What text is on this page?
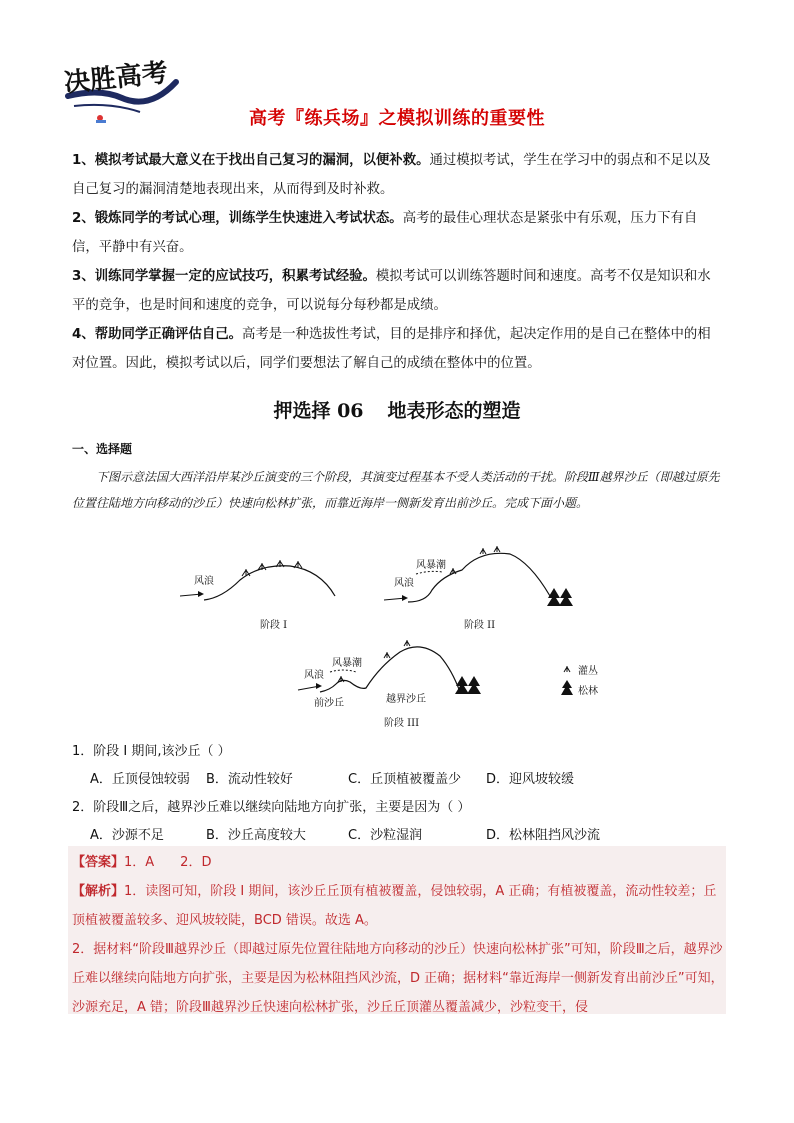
决胜高考
高考『练兵场』之模拟训练的重要性

1、模拟考试最大意义在于找出自己复习的漏洞，以便补救。通过模拟考试，学生在学习中的弱点和不足以及自己复习的漏洞清楚地表现出来，从而得到及时补救。

2、锻炼同学的考试心理，训练学生快速进入考试状态。高考的最佳心理状态是紧张中有乐观，压力下有自信，平静中有兴奋。

3、训练同学掌握一定的应试技巧，积累考试经验。模拟考试可以训练答题时间和速度。高考不仅是知识和水平的竞争，也是时间和速度的竞争，可以说每分每秒都是成绩。

4、帮助同学正确评估自己。高考是一种选拔性考试，目的是排序和择优，起决定作用的是自己在整体中的相对位置。因此，模拟考试以后，同学们要想法了解自己的成绩在整体中的位置。

押选择 06 地表形态的塑造
一、选择题
下图示意法国大西洋沿岸某沙丘演变的三个阶段，其演变过程基本不受人类活动的干扰。阶段Ⅲ越界沙丘（即越过原先位置往陆地方向移动的沙丘）快速向松林扩张，而靠近海岸一侧新发育出前沙丘。完成下面小题。
风浪
阶段 I
风暴潮
风浪
阶段 II
风暴潮
风浪
前沙丘	越界沙丘
阶段 III
灌丛
松林
1．阶段 I 期间,该沙丘（ ）
A．丘顶侵蚀较弱 B．流动性较好	C．丘顶植被覆盖少 D．迎风坡较缓
2．阶段Ⅲ之后，越界沙丘难以继续向陆地方向扩张，主要是因为（ ）
A．沙源不足	B．沙丘高度较大	C．沙粒湿润	D．松林阻挡风沙流

【答案】1．A　　2．D

【解析】1．读图可知，阶段 I 期间，该沙丘丘顶有植被覆盖，侵蚀较弱，A 正确；有植被覆盖，流动性较差；丘顶植被覆盖较多、迎风坡较陡，BCD 错误。故选 A。

2．据材料“阶段Ⅲ越界沙丘（即越过原先位置往陆地方向移动的沙丘）快速向松林扩张”可知，阶段Ⅲ之后，越界沙丘难以继续向陆地方向扩张，主要是因为松林阻挡风沙流，D 正确；据材料“靠近海岸一侧新发育出前沙丘”可知，沙源充足，A 错；阶段Ⅲ越界沙丘快速向松林扩张，沙丘丘顶灌丛覆盖减少，沙粒变干，侵
